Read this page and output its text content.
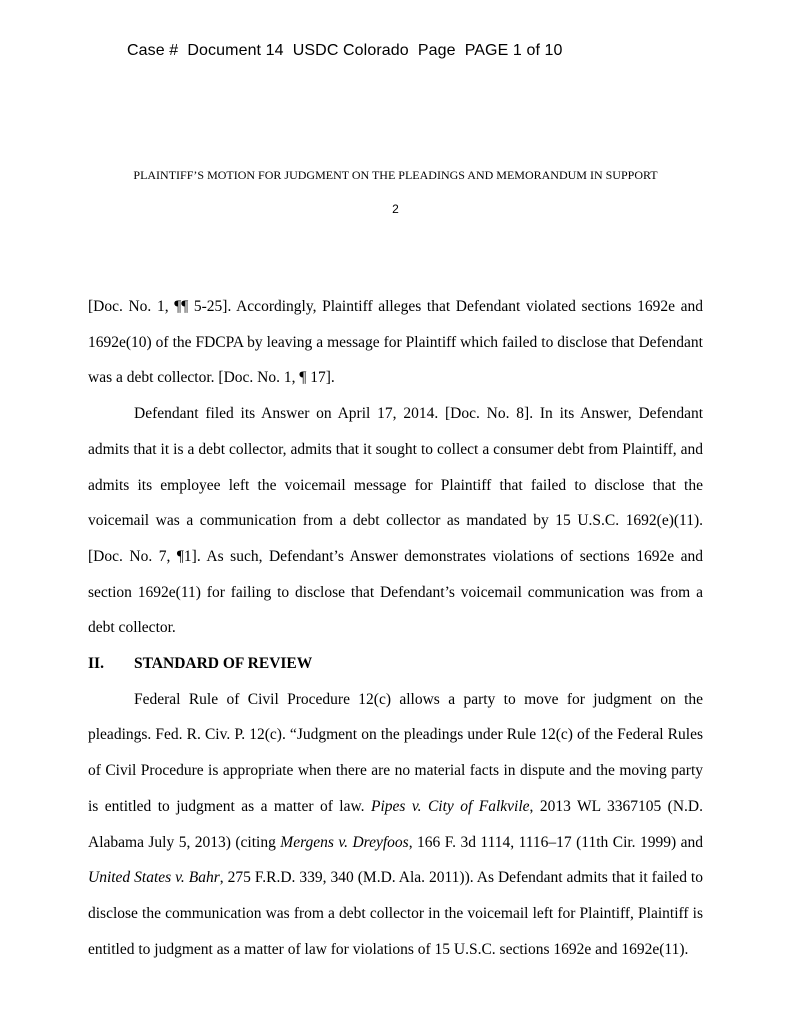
Case #  Document 14  USDC Colorado  Page  PAGE 1 of 10
PLAINTIFF’S MOTION FOR JUDGMENT ON THE PLEADINGS AND MEMORANDUM IN SUPPORT
2

[Doc. No. 1, ¶¶ 5-25]. Accordingly, Plaintiff alleges that Defendant violated sections 1692e and 1692e(10) of the FDCPA by leaving a message for Plaintiff which failed to disclose that Defendant was a debt collector. [Doc. No. 1, ¶ 17].

Defendant filed its Answer on April 17, 2014. [Doc. No. 8]. In its Answer, Defendant admits that it is a debt collector, admits that it sought to collect a consumer debt from Plaintiff, and admits its employee left the voicemail message for Plaintiff that failed to disclose that the voicemail was a communication from a debt collector as mandated by 15 U.S.C. 1692(e)(11). [Doc. No. 7, ¶1]. As such, Defendant’s Answer demonstrates violations of sections 1692e and section 1692e(11) for failing to disclose that Defendant’s voicemail communication was from a debt collector.

II. STANDARD OF REVIEW

Federal Rule of Civil Procedure 12(c) allows a party to move for judgment on the pleadings. Fed. R. Civ. P. 12(c). “Judgment on the pleadings under Rule 12(c) of the Federal Rules of Civil Procedure is appropriate when there are no material facts in dispute and the moving party is entitled to judgment as a matter of law. Pipes v. City of Falkvile, 2013 WL 3367105 (N.D. Alabama July 5, 2013) (citing Mergens v. Dreyfoos, 166 F. 3d 1114, 1116–17 (11th Cir. 1999) and United States v. Bahr, 275 F.R.D. 339, 340 (M.D. Ala. 2011)). As Defendant admits that it failed to disclose the communication was from a debt collector in the voicemail left for Plaintiff, Plaintiff is entitled to judgment as a matter of law for violations of 15 U.S.C. sections 1692e and 1692e(11).
